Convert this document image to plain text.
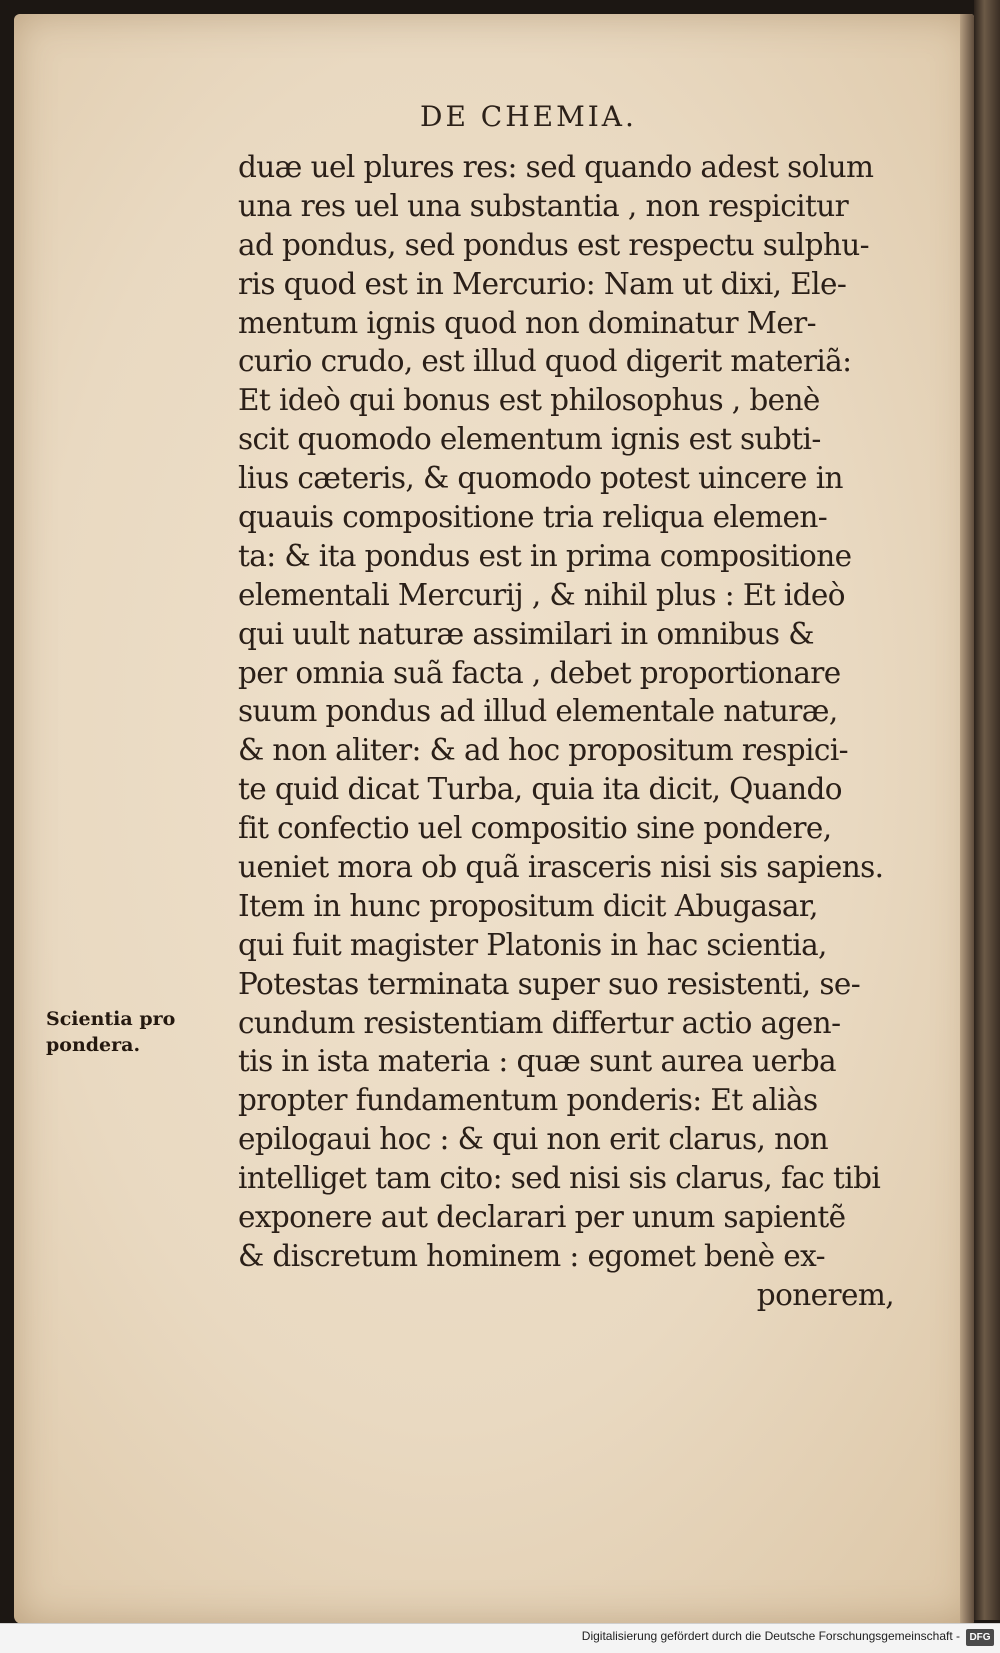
DE CHEMIA.
duæ uel plures res: sed quando adest solum
una res uel una substantia , non respicitur
ad pondus, sed pondus est respectu sulphu-
ris quod est in Mercurio: Nam ut dixi, Ele-
mentum ignis quod non dominatur Mer-
curio crudo, est illud quod digerit materiã:
Et ideò qui bonus est philosophus , benè
scit quomodo elementum ignis est subti-
lius cæteris, & quomodo potest uincere in
quauis compositione tria reliqua elemen-
ta: & ita pondus est in prima compositione
elementali Mercurij , & nihil plus : Et ideò
qui uult naturæ assimilari in omnibus &
per omnia suã facta , debet proportionare
suum pondus ad illud elementale naturæ,
& non aliter: & ad hoc propositum respici-
te quid dicat Turba, quia ita dicit, Quando
fit confectio uel compositio sine pondere,
ueniet mora ob quã irasceris nisi sis sapiens.
Item in hunc propositum dicit Abugasar,
qui fuit magister Platonis in hac scientia,
Potestas terminata super suo resistenti, se-
cundum resistentiam differtur actio agen-
tis in ista materia : quæ sunt aurea uerba
propter fundamentum ponderis: Et aliàs
epilogaui hoc : & qui non erit clarus, non
intelliget tam cito: sed nisi sis clarus, fac tibi
exponere aut declarari per unum sapientẽ
& discretum hominem : egomet benè ex-
ponerem,
Scientia pro
pondera.
Digitalisierung gefördert durch die Deutsche Forschungsgemeinschaft - DFG
